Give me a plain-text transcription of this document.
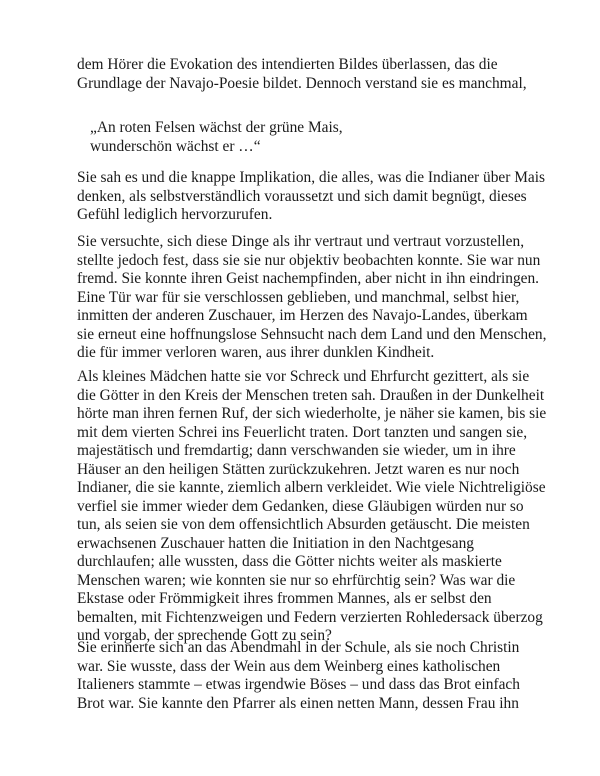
dem Hörer die Evokation des intendierten Bildes überlassen, das die
Grundlage der Navajo-Poesie bildet. Dennoch verstand sie es manchmal,

„An roten Felsen wächst der grüne Mais,
wunderschön wächst er …“

Sie sah es und die knappe Implikation, die alles, was die Indianer über Mais
denken, als selbstverständlich voraussetzt und sich damit begnügt, dieses
Gefühl lediglich hervorzurufen.

Sie versuchte, sich diese Dinge als ihr vertraut und vertraut vorzustellen,
stellte jedoch fest, dass sie sie nur objektiv beobachten konnte. Sie war nun
fremd. Sie konnte ihren Geist nachempfinden, aber nicht in ihn eindringen.
Eine Tür war für sie verschlossen geblieben, und manchmal, selbst hier,
inmitten der anderen Zuschauer, im Herzen des Navajo-Landes, überkam
sie erneut eine hoffnungslose Sehnsucht nach dem Land und den Menschen,
die für immer verloren waren, aus ihrer dunklen Kindheit.

Als kleines Mädchen hatte sie vor Schreck und Ehrfurcht gezittert, als sie
die Götter in den Kreis der Menschen treten sah. Draußen in der Dunkelheit
hörte man ihren fernen Ruf, der sich wiederholte, je näher sie kamen, bis sie
mit dem vierten Schrei ins Feuerlicht traten. Dort tanzten und sangen sie,
majestätisch und fremdartig; dann verschwanden sie wieder, um in ihre
Häuser an den heiligen Stätten zurückzukehren. Jetzt waren es nur noch
Indianer, die sie kannte, ziemlich albern verkleidet. Wie viele Nichtreligiöse
verfiel sie immer wieder dem Gedanken, diese Gläubigen würden nur so
tun, als seien sie von dem offensichtlich Absurden getäuscht. Die meisten
erwachsenen Zuschauer hatten die Initiation in den Nachtgesang
durchlaufen; alle wussten, dass die Götter nichts weiter als maskierte
Menschen waren; wie konnten sie nur so ehrfürchtig sein? Was war die
Ekstase oder Frömmigkeit ihres frommen Mannes, als er selbst den
bemalten, mit Fichtenzweigen und Federn verzierten Rohledersack überzog
und vorgab, der sprechende Gott zu sein?

Sie erinnerte sich an das Abendmahl in der Schule, als sie noch Christin
war. Sie wusste, dass der Wein aus dem Weinberg eines katholischen
Italieners stammte – etwas irgendwie Böses – und dass das Brot einfach
Brot war. Sie kannte den Pfarrer als einen netten Mann, dessen Frau ihn
